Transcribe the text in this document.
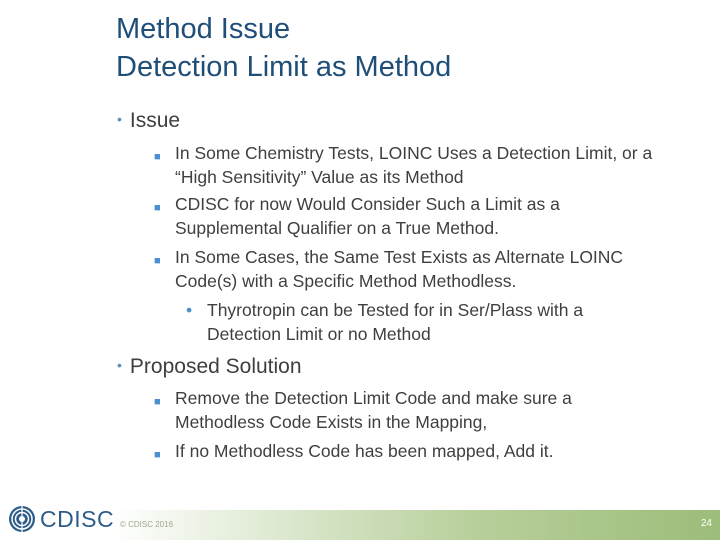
Method Issue
Detection Limit as Method
• Issue
■ In Some Chemistry Tests, LOINC Uses a Detection Limit, or a “High Sensitivity” Value as its Method
■ CDISC for now Would Consider Such a Limit as a Supplemental Qualifier on a True Method.
■ In Some Cases, the Same Test Exists as Alternate LOINC Code(s) with a Specific Method Methodless.
• Thyrotropin can be Tested for in Ser/Plass with a Detection Limit or no Method
• Proposed Solution
■ Remove the Detection Limit Code and make sure a Methodless Code Exists in the Mapping,
■ If no Methodless Code has been mapped, Add it.
© CDISC 2016	24
CDISC
